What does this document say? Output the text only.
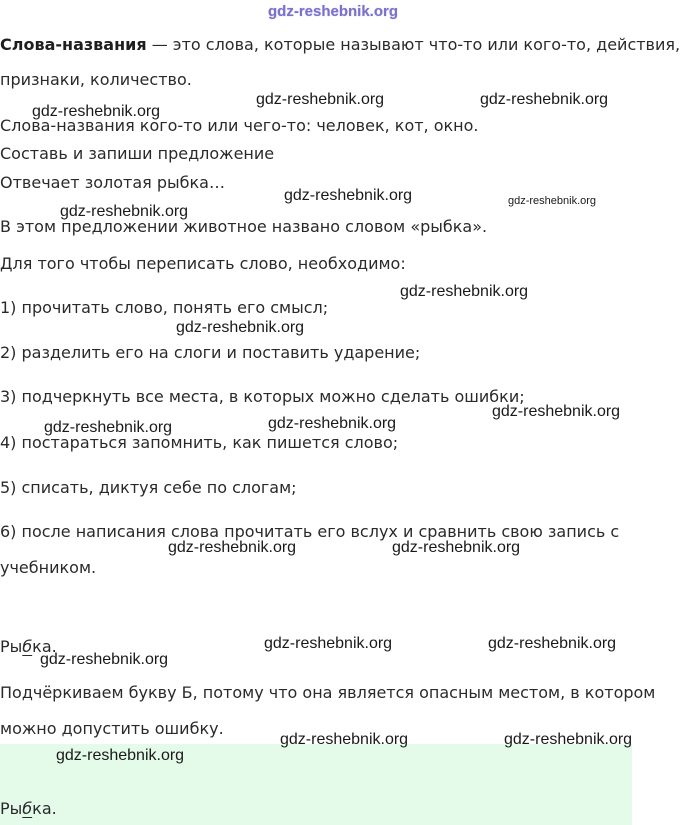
gdz-reshebnik.org
Слова-названия — это слова, которые называют что-то или кого-то, действия,
признаки, количество.
Слова-названия кого-то или чего-то: человек, кот, окно.
Составь и запиши предложение
Отвечает золотая рыбка…
В этом предложении животное названо словом «рыбка».
Для того чтобы переписать слово, необходимо:
1) прочитать слово, понять его смысл;
2) разделить его на слоги и поставить ударение;
3) подчеркнуть все места, в которых можно сделать ошибки;
4) постараться запомнить, как пишется слово;
5) списать, диктуя себе по слогам;
6) после написания слова прочитать его вслух и сравнить свою запись с
учебником.
Рыбка.
Подчёркиваем букву Б, потому что она является опасным местом, в котором
можно допустить ошибку.
Рыбка.
gdz-reshebnik.org
gdz-reshebnik.org	gdz-reshebnik.org
gdz-reshebnik.org	gdz-reshebnik.org
gdz-reshebnik.org
gdz-reshebnik.org
gdz-reshebnik.org
gdz-reshebnik.org
gdz-reshebnik.org	gdz-reshebnik.org
gdz-reshebnik.org	gdz-reshebnik.org
gdz-reshebnik.org	gdz-reshebnik.org
gdz-reshebnik.org
gdz-reshebnik.org	gdz-reshebnik.org
gdz-reshebnik.org
